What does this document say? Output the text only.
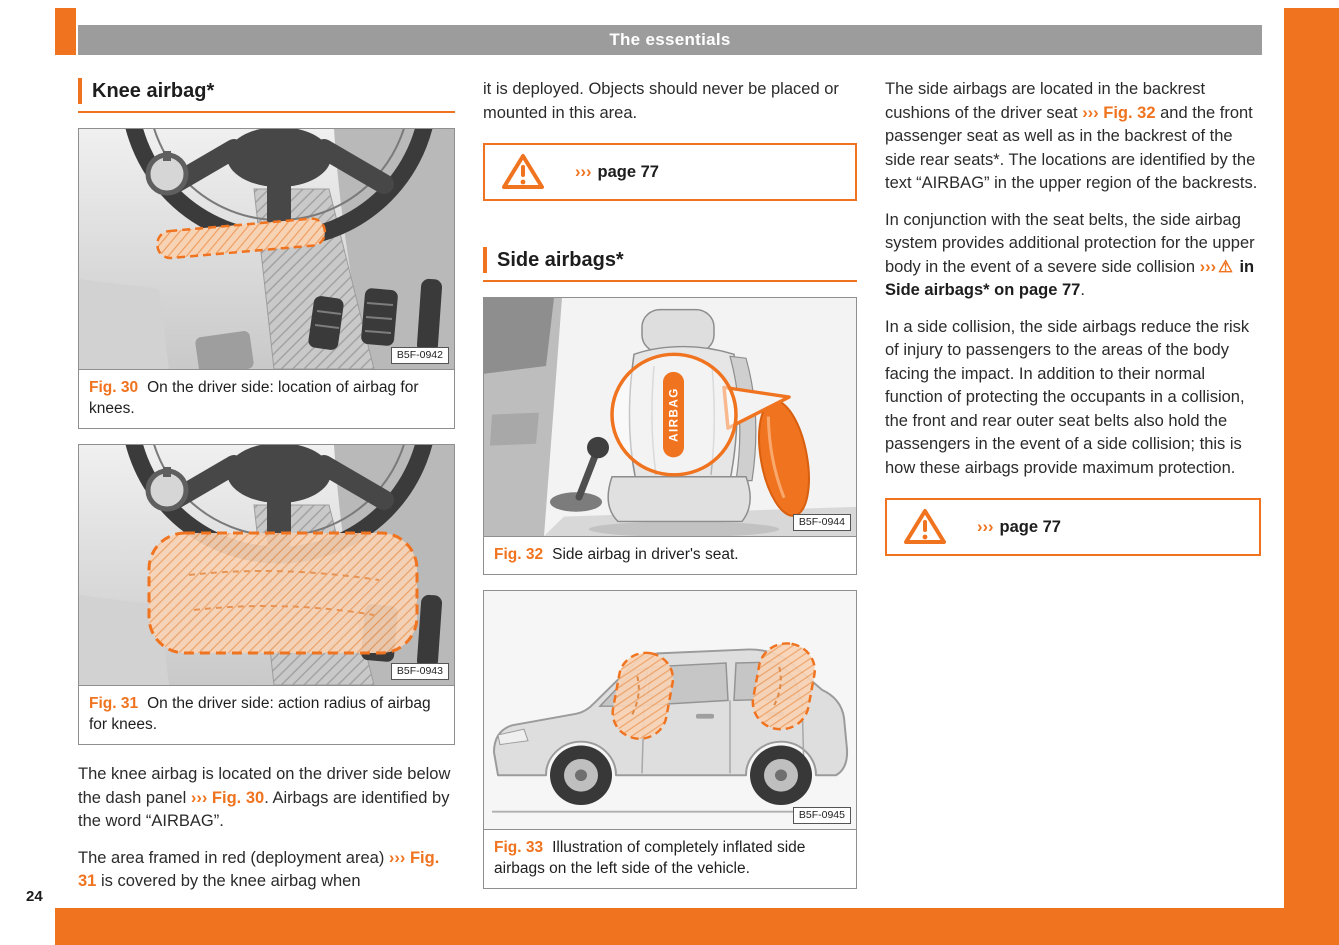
The essentials
24
Knee airbag*
B5F-0942
Fig. 30 On the driver side: location of airbag for knees.
B5F-0943
Fig. 31 On the driver side: action radius of airbag for knees.

The knee airbag is located on the driver side below the dash panel ››› Fig. 30. Airbags are identified by the word “AIRBAG”.

The area framed in red (deployment area) ››› Fig. 31 is covered by the knee airbag when

it is deployed. Objects should never be placed or mounted in this area.

››› page 77
Side airbags*
AIRBAG
B5F-0944
Fig. 32 Side airbag in driver's seat.
B5F-0945
Fig. 33 Illustration of completely inflated side airbags on the left side of the vehicle.

The side airbags are located in the backrest cushions of the driver seat ››› Fig. 32 and the front passenger seat as well as in the backrest of the side rear seats*. The locations are identified by the text “AIRBAG” in the upper region of the backrests.

In conjunction with the seat belts, the side airbag system provides additional protection for the upper body in the event of a severe side collision ››› ⚠ in Side airbags* on page 77.

In a side collision, the side airbags reduce the risk of injury to passengers to the areas of the body facing the impact. In addition to their normal function of protecting the occupants in a collision, the front and rear outer seat belts also hold the passengers in the event of a side collision; this is how these airbags provide maximum protection.

››› page 77
